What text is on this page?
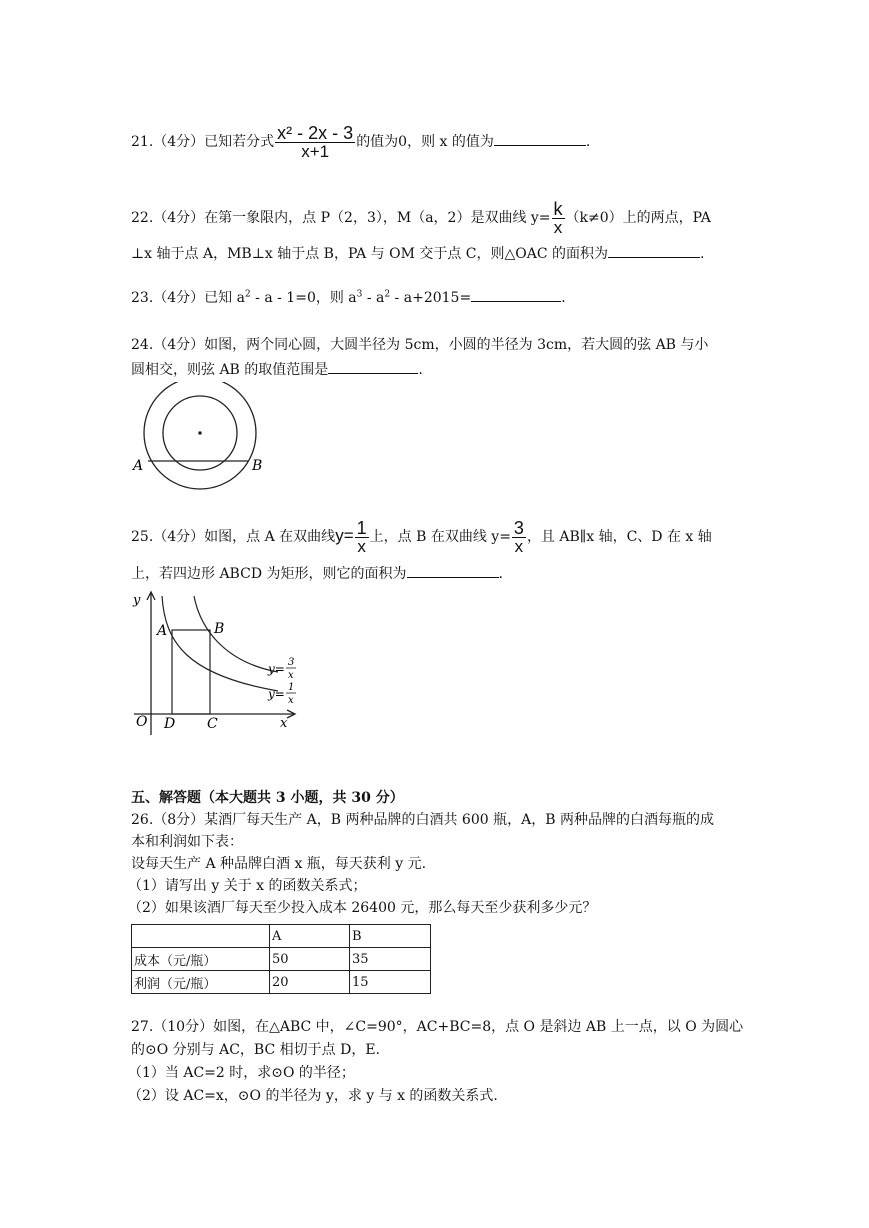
21.（4分）已知若分式 $\frac{\text{x² - 2x - 3}}{x+1}$ 的值为0，则 x 的值为	.
22.（4分）在第一象限内，点 P（2，3），M（a，2）是双曲线 $y= \frac{k}{x} (k\ne 0)$上的两点，PA
⊥x 轴于点 A，MB⊥x 轴于点 B，PA 与 OM 交于点 C，则△OAC 的面积为	.
23.（4分）已知 $a^2 - a - 1=0$，则 $a^3 - a^2 - a+2015=$	.
24.（4分）如图，两个同心圆，大圆半径为 5cm，小圆的半径为 3cm，若大圆的弦 AB 与小
圆相交，则弦 AB 的取值范围是	.
A	B
25.（4分）如图，点 A 在双曲线$y= \frac{1}{x}$ 上，点 B 在双曲线 $y= \frac{3}{x}$ ，且 AB∥x 轴，C、D 在 x 轴
上，若四边形 ABCD 为矩形，则它的面积为	.
y
x
O
A	B
D C
y= 3
x
y= 1
x
五、解答题（本大题共 3 小题，共 30 分）
26.（8分）某酒厂每天生产 A，B 两种品牌的白酒共 600 瓶，A，B 两种品牌的白酒每瓶的成
本和利润如下表：
设每天生产 A 种品牌白酒 x 瓶，每天获利 y 元.
（1）请写出 y 关于 x 的函数关系式；
（2）如果该酒厂每天至少投入成本 26400 元，那么每天至少获利多少元？
	A	B
成本（元/瓶）	50	35
利润（元/瓶）	20	15
27.（10分）如图，在△ABC 中，∠C=90°，AC+BC=8，点 O 是斜边 AB 上一点，以 O 为圆心
的⊙O 分别与 AC，BC 相切于点 D，E.
（1）当 AC=2 时，求⊙O 的半径；
（2）设 AC=x，⊙O 的半径为 y，求 y 与 x 的函数关系式.
